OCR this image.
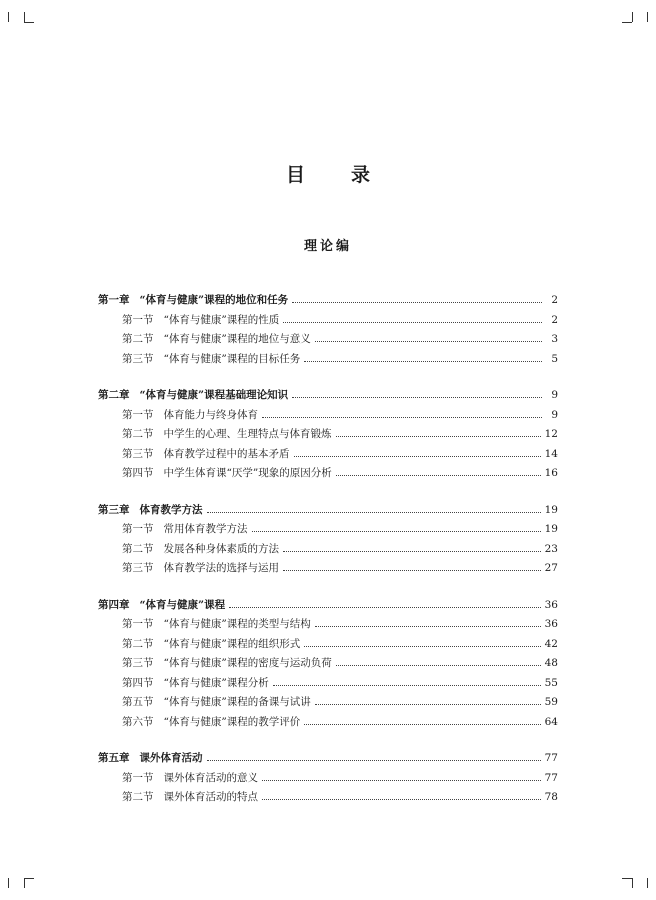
目录
理论编
第一章 “体育与健康”课程的地位和任务	2
第一节 “体育与健康”课程的性质	2
第二节 “体育与健康”课程的地位与意义	3
第三节 “体育与健康”课程的目标任务	5
第二章 “体育与健康”课程基础理论知识	9
第一节 体育能力与终身体育	9
第二节 中学生的心理、生理特点与体育锻炼	12
第三节 体育教学过程中的基本矛盾	14
第四节 中学生体育课“厌学”现象的原因分析	16
第三章 体育教学方法	19
第一节 常用体育教学方法	19
第二节 发展各种身体素质的方法	23
第三节 体育教学法的选择与运用	27
第四章 “体育与健康”课程	36
第一节 “体育与健康”课程的类型与结构	36
第二节 “体育与健康”课程的组织形式	42
第三节 “体育与健康”课程的密度与运动负荷	48
第四节 “体育与健康”课程分析	55
第五节 “体育与健康”课程的备课与试讲	59
第六节 “体育与健康”课程的教学评价	64
第五章 课外体育活动	77
第一节 课外体育活动的意义	77
第二节 课外体育活动的特点	78
